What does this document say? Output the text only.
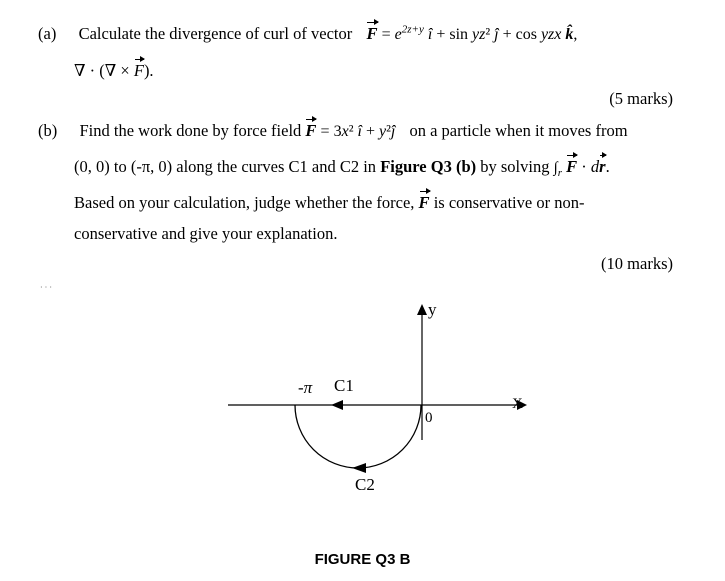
(a) Calculate the divergence of curl of vector $F = e^{2z+y}$ î + sin yz² ĵ + cos yzx k̂,
∇ · (∇ × F).
(5 marks)
(b) Find the work done by force field F = 3x² î + y²ĵ on a particle when it moves from
(0, 0) to (-π, 0) along the curves C1 and C2 in Figure Q3 (b) by solving $\int_r$ F · dr.
Based on your calculation, judge whether the force, F is conservative or non-
conservative and give your explanation.
(10 marks)
· · ·
y
X
-π C1
0
C2
FIGURE Q3 B
